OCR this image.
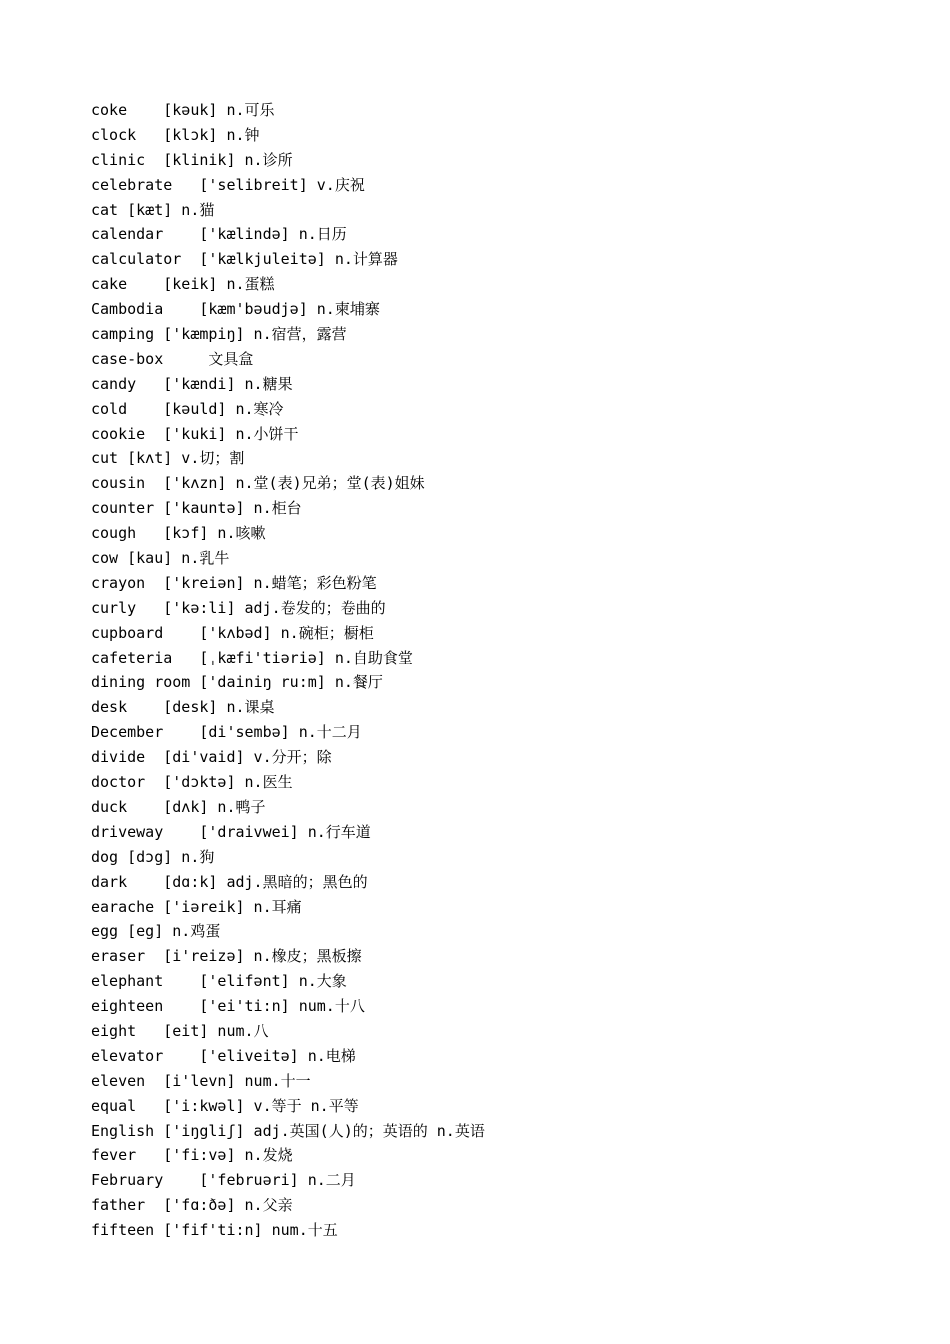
coke    [kəuk] n.可乐
clock   [klɔk] n.钟
clinic  [klinik] n.诊所
celebrate   ['selibreit] v.庆祝
cat [kæt] n.猫
calendar    ['kælində] n.日历
calculator  ['kælkjuleitə] n.计算器
cake    [keik] n.蛋糕
Cambodia    [kæm'bəudjə] n.柬埔寨
camping ['kæmpiŋ] n.宿营，露营
case-box     文具盒
candy   ['kændi] n.糖果
cold    [kəuld] n.寒冷
cookie  ['kuki] n.小饼干
cut [kʌt] v.切；割
cousin  ['kʌzn] n.堂(表)兄弟；堂(表)姐妹
counter ['kauntə] n.柜台
cough   [kɔf] n.咳嗽
cow [kau] n.乳牛
crayon  ['kreiən] n.蜡笔；彩色粉笔
curly   ['kə:li] adj.卷发的；卷曲的
cupboard    ['kʌbəd] n.碗柜；橱柜
cafeteria   [ˌkæfi'tiəriə] n.自助食堂
dining room ['dainiŋ ru:m] n.餐厅
desk    [desk] n.课桌
December    [di'sembə] n.十二月
divide  [di'vaid] v.分开；除
doctor  ['dɔktə] n.医生
duck    [dʌk] n.鸭子
driveway    ['draivwei] n.行车道
dog [dɔg] n.狗
dark    [dɑ:k] adj.黑暗的；黑色的
earache ['iəreik] n.耳痛
egg [eg] n.鸡蛋
eraser  [i'reizə] n.橡皮；黑板擦
elephant    ['elifənt] n.大象
eighteen    ['ei'ti:n] num.十八
eight   [eit] num.八
elevator    ['eliveitə] n.电梯
eleven  [i'levn] num.十一
equal   ['i:kwəl] v.等于 n.平等
English ['iŋgliʃ] adj.英国(人)的；英语的 n.英语
fever   ['fi:və] n.发烧
February    ['februəri] n.二月
father  ['fɑ:ðə] n.父亲
fifteen ['fif'ti:n] num.十五
